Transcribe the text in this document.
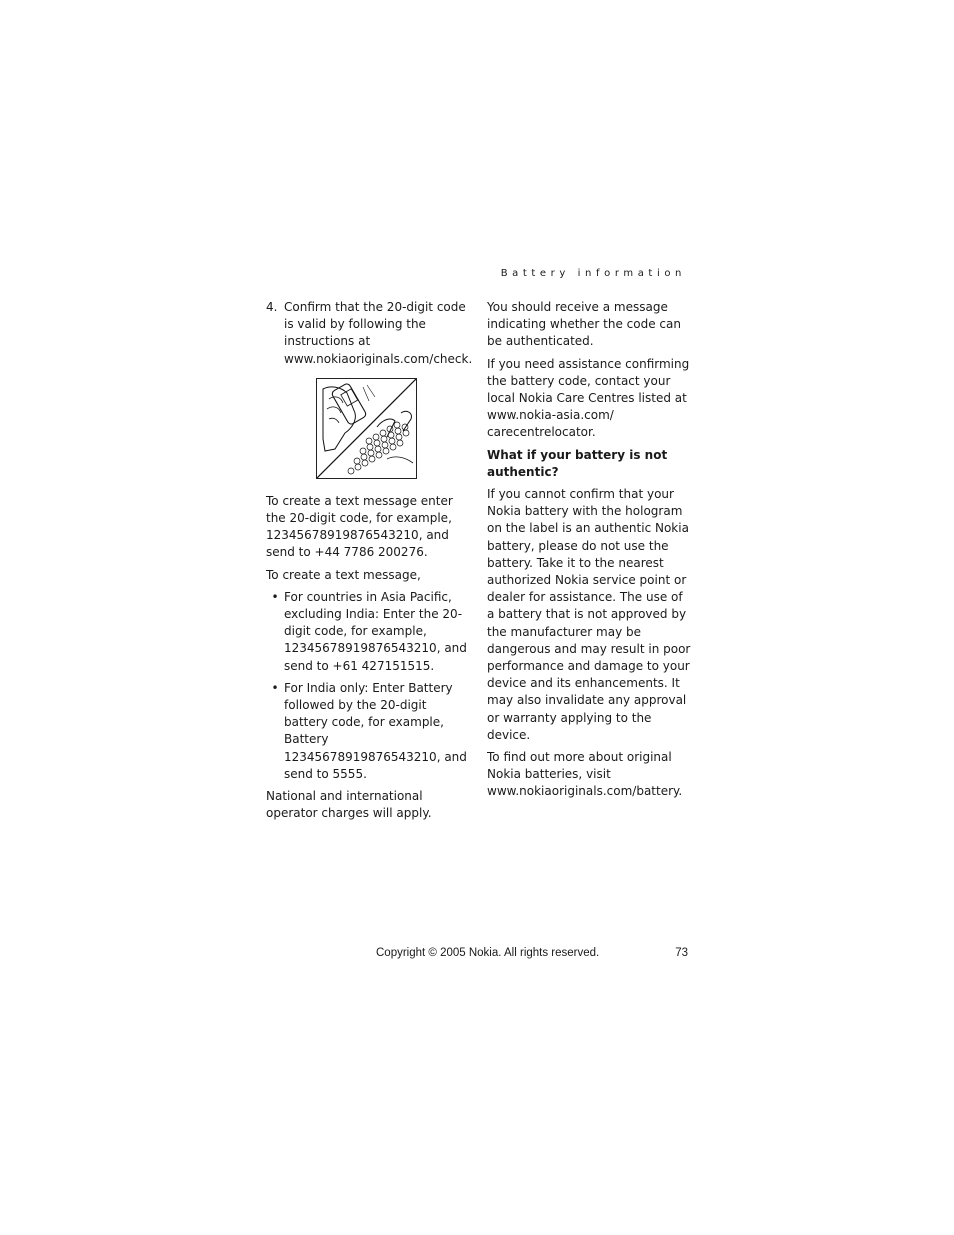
Battery information
4. Confirm that the 20-digit code is valid by following the instructions at www.nokiaoriginals.com/check.

To create a text message enter the 20-digit code, for example, 12345678919876543210, and send to +44 7786 200276.

To create a text message,

• For countries in Asia Pacific, excluding India: Enter the 20-digit code, for example, 12345678919876543210, and send to +61 427151515.
• For India only: Enter Battery followed by the 20-digit battery code, for example, Battery 12345678919876543210, and send to 5555.

National and international operator charges will apply.

You should receive a message indicating whether the code can be authenticated.

If you need assistance confirming the battery code, contact your local Nokia Care Centres listed at www.nokia-asia.com/ carecentrelocator.

What if your battery is not authentic?

If you cannot confirm that your Nokia battery with the hologram on the label is an authentic Nokia battery, please do not use the battery. Take it to the nearest authorized Nokia service point or dealer for assistance. The use of a battery that is not approved by the manufacturer may be dangerous and may result in poor performance and damage to your device and its enhancements. It may also invalidate any approval or warranty applying to the device.

To find out more about original Nokia batteries, visit www.nokiaoriginals.com/battery.

Copyright © 2005 Nokia. All rights reserved.	73
